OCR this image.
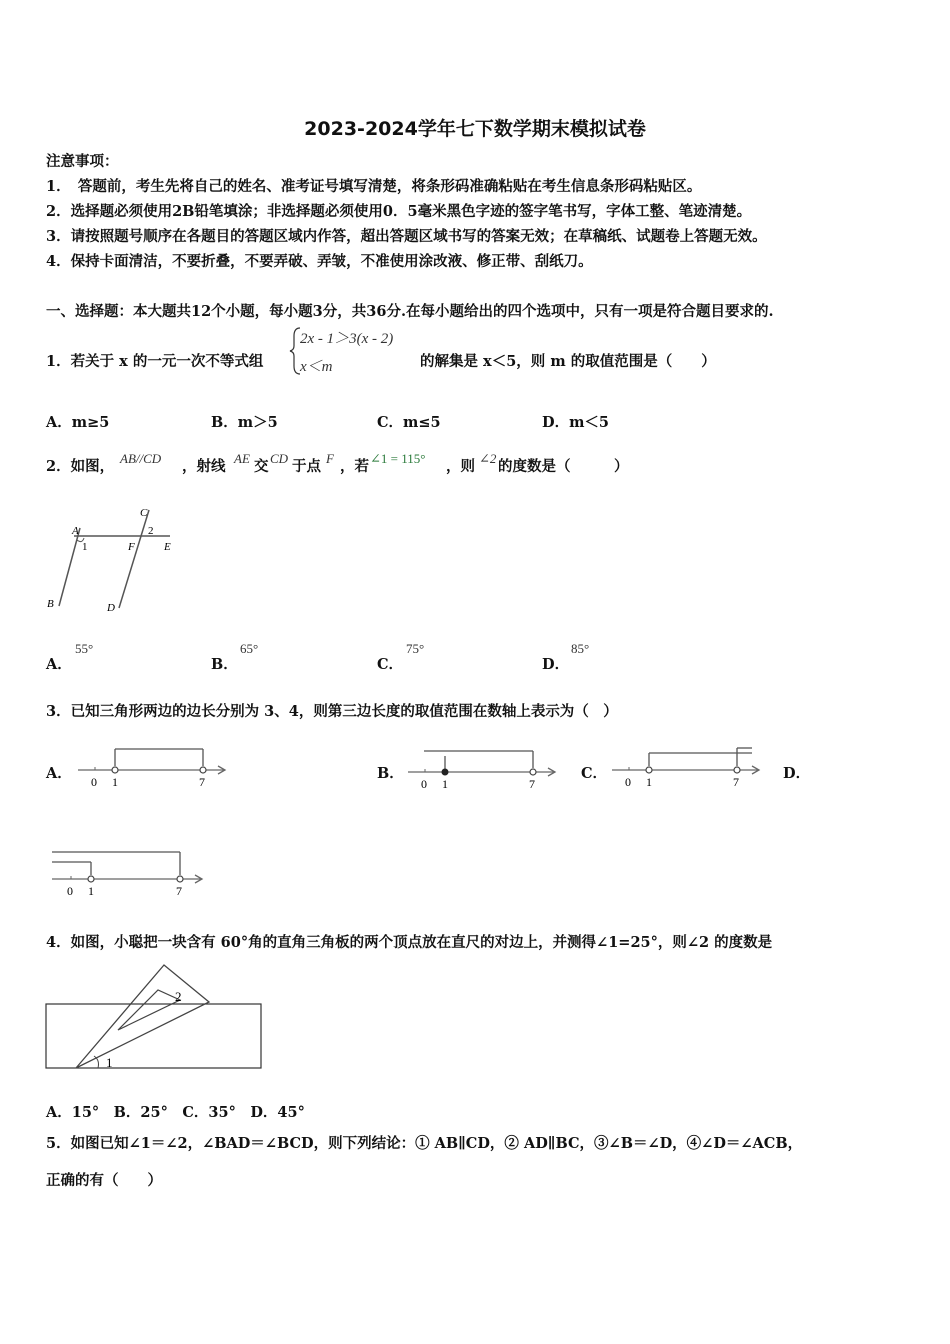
2023-2024学年七下数学期末模拟试卷
注意事项：
1．　答题前，考生先将自己的姓名、准考证号填写清楚，将条形码准确粘贴在考生信息条形码粘贴区。
2．选择题必须使用2B铅笔填涂；非选择题必须使用0．5毫米黑色字迹的签字笔书写，字体工整、笔迹清楚。
3．请按照题号顺序在各题目的答题区域内作答，超出答题区域书写的答案无效；在草稿纸、试题卷上答题无效。
4．保持卡面清洁，不要折叠，不要弄破、弄皱，不准使用涂改液、修正带、刮纸刀。
一、选择题：本大题共12个小题，每小题3分，共36分.在每小题给出的四个选项中，只有一项是符合题目要求的.
1．若关于 x 的一元一次不等式组
2x - 1＞3(x - 2)
x＜m	的解集是 x＜5，则 m 的取值范围是（　　）
A．m≥5	B．m＞5	C．m≤5	D．m＜5
2．如图， AB//CD ，射线 AE 交 CD 于点 F ，若 ∠1 = 115° ，则 ∠2 的度数是（　　　）
A
1
C
2
F	E
B	D
A．
55°
B．
65°
C．
75°
D．
85°
3．已知三角形两边的边长分别为 3、4，则第三边长度的取值范围在数轴上表示为（　）
A． 0 1	7	B．
0 1	7
C． 0 1	7	D．
0 1	7
4．如图，小聪把一块含有 60°角的直角三角板的两个顶点放在直尺的对边上，并测得∠1=25°，则∠2 的度数是
2
1
A．15°　B．25°　C．35°　D．45°
5．如图已知∠1＝∠2，∠BAD＝∠BCD，则下列结论：① AB∥CD，② AD∥BC，③∠B＝∠D，④∠D＝∠ACB，
正确的有（　　）
